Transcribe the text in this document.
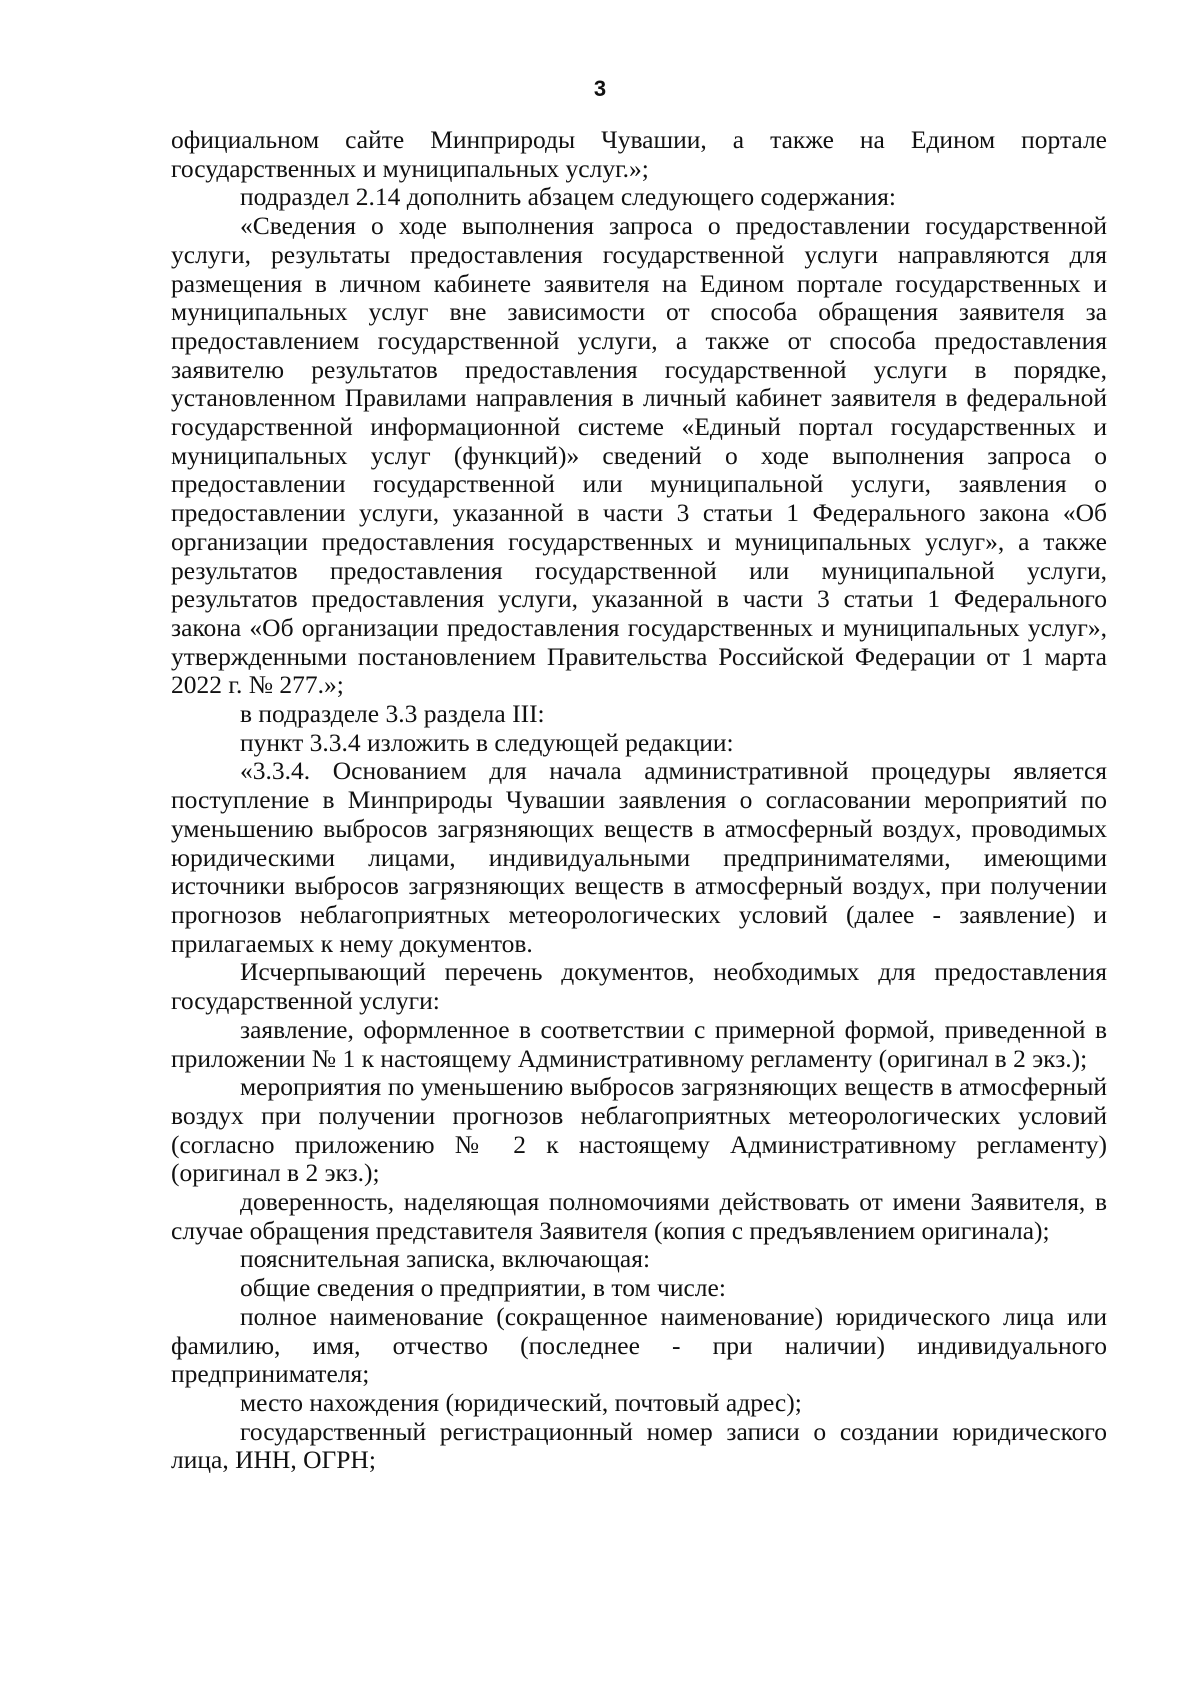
3

официальном сайте Минприроды Чувашии, а также на Едином портале государственных и муниципальных услуг.»;

подраздел 2.14 дополнить абзацем следующего содержания:

«Сведения о ходе выполнения запроса о предоставлении государственной услуги, результаты предоставления государственной услуги направляются для размещения в личном кабинете заявителя на Едином портале государственных и муниципальных услуг вне зависимости от способа обращения заявителя за предоставлением государственной услуги, а также от способа предоставления заявителю результатов предоставления государственной услуги в порядке, установленном Правилами направления в личный кабинет заявителя в федеральной государственной информационной системе «Единый портал государственных и муниципальных услуг (функций)» сведений о ходе выполнения запроса о предоставлении государственной или муниципальной услуги, заявления о предоставлении услуги, указанной в части 3 статьи 1 Федерального закона «Об организации предоставления государственных и муниципальных услуг», а также результатов предоставления государственной или муниципальной услуги, результатов предоставления услуги, указанной в части 3 статьи 1 Федерального закона «Об организации предоставления государственных и муниципальных услуг», утвержденными постановлением Правительства Российской Федерации от 1 марта 2022 г. № 277.»;

в подразделе 3.3 раздела III:

пункт 3.3.4 изложить в следующей редакции:

«3.3.4. Основанием для начала административной процедуры является поступление в Минприроды Чувашии заявления о согласовании мероприятий по уменьшению выбросов загрязняющих веществ в атмосферный воздух, проводимых юридическими лицами, индивидуальными предпринимателями, имеющими источники выбросов загрязняющих веществ в атмосферный воздух, при получении прогнозов неблагоприятных метеорологических условий (далее - заявление) и прилагаемых к нему документов.

Исчерпывающий перечень документов, необходимых для предоставления государственной услуги:

заявление, оформленное в соответствии с примерной формой, приведенной в приложении № 1 к настоящему Административному регламенту (оригинал в 2 экз.);

мероприятия по уменьшению выбросов загрязняющих веществ в атмосферный воздух при получении прогнозов неблагоприятных метеорологических условий (согласно приложению № 2 к настоящему Административному регламенту) (оригинал в 2 экз.);

доверенность, наделяющая полномочиями действовать от имени Заявителя, в случае обращения представителя Заявителя (копия с предъявлением оригинала);

пояснительная записка, включающая:

общие сведения о предприятии, в том числе:

полное наименование (сокращенное наименование) юридического лица или фамилию, имя, отчество (последнее - при наличии) индивидуального предпринимателя;

место нахождения (юридический, почтовый адрес);

государственный регистрационный номер записи о создании юридического лица, ИНН, ОГРН;
